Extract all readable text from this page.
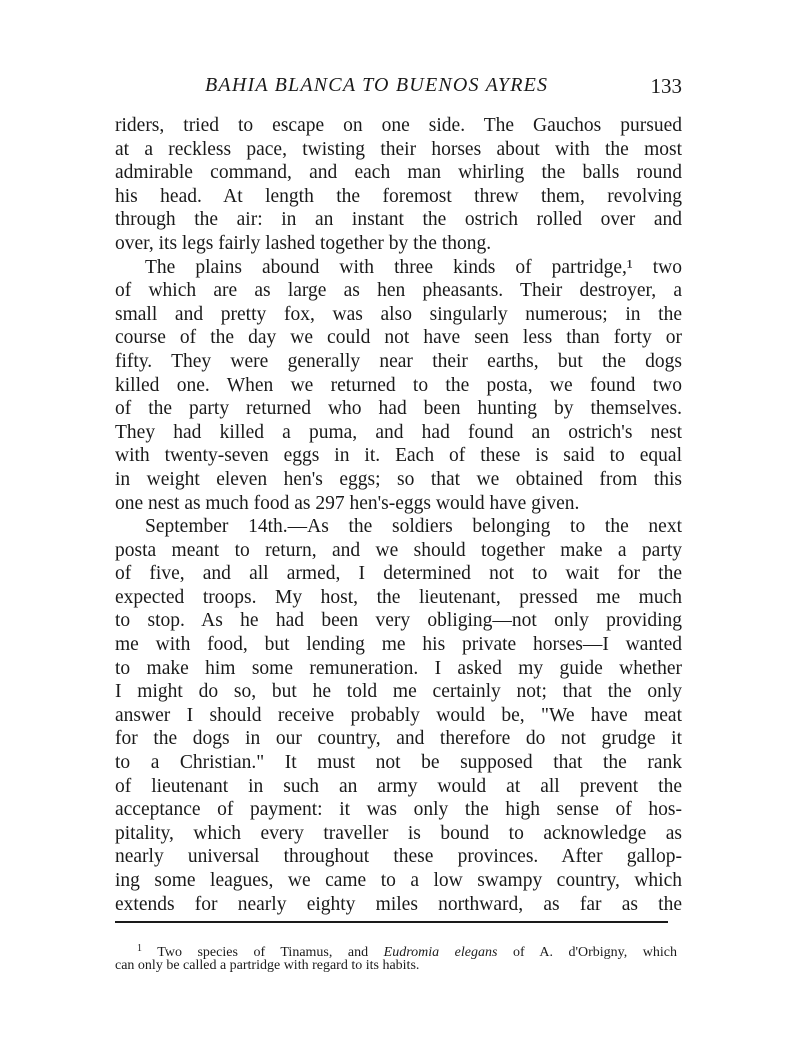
BAHIA BLANCA TO BUENOS AYRES	133
riders, tried to escape on one side. The Gauchos pursued
at a reckless pace, twisting their horses about with the most
admirable command, and each man whirling the balls round
his head. At length the foremost threw them, revolving
through the air: in an instant the ostrich rolled over and
over, its legs fairly lashed together by the thong.
The plains abound with three kinds of partridge,¹ two
of which are as large as hen pheasants. Their destroyer, a
small and pretty fox, was also singularly numerous; in the
course of the day we could not have seen less than forty or
fifty. They were generally near their earths, but the dogs
killed one. When we returned to the posta, we found two
of the party returned who had been hunting by themselves.
They had killed a puma, and had found an ostrich's nest
with twenty-seven eggs in it. Each of these is said to equal
in weight eleven hen's eggs; so that we obtained from this
one nest as much food as 297 hen's-eggs would have given.
September 14th.—As the soldiers belonging to the next
posta meant to return, and we should together make a party
of five, and all armed, I determined not to wait for the
expected troops. My host, the lieutenant, pressed me much
to stop. As he had been very obliging—not only providing
me with food, but lending me his private horses—I wanted
to make him some remuneration. I asked my guide whether
I might do so, but he told me certainly not; that the only
answer I should receive probably would be, "We have meat
for the dogs in our country, and therefore do not grudge it
to a Christian." It must not be supposed that the rank
of lieutenant in such an army would at all prevent the
acceptance of payment: it was only the high sense of hos-
pitality, which every traveller is bound to acknowledge as
nearly universal throughout these provinces. After gallop-
ing some leagues, we came to a low swampy country, which
extends for nearly eighty miles northward, as far as the
$^1$ Two species of Tinamus, and Eudromia elegans of A. d'Orbigny, which
can only be called a partridge with regard to its habits.
